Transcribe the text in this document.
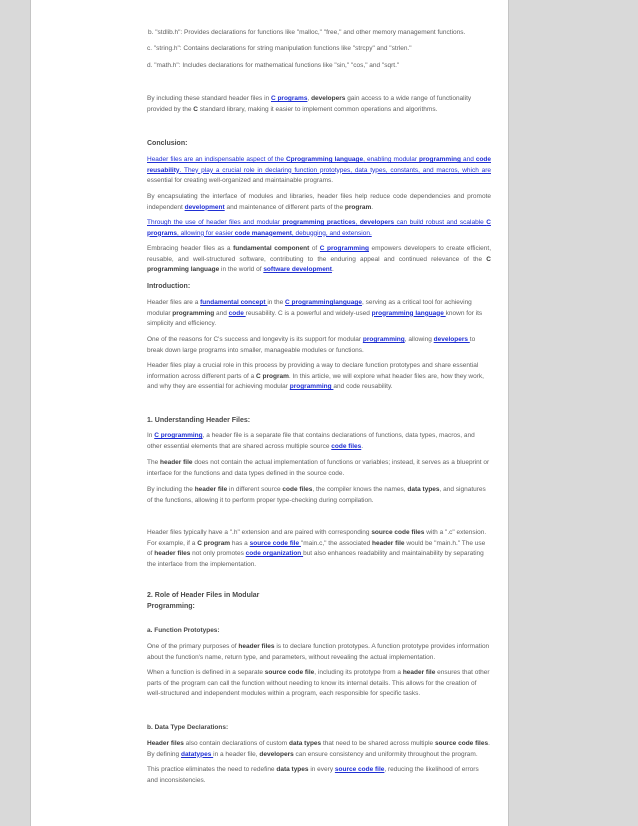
b. "stdlib.h": Provides declarations for functions like "malloc," "free," and other memory management functions.

c. "string.h": Contains declarations for string manipulation functions like "strcpy" and "strlen."

d. "math.h": Includes declarations for mathematical functions like "sin," "cos," and "sqrt."

By including these standard header files in C programs, developers gain access to a wide range of functionality provided by the C standard library, making it easier to implement common operations and algorithms.

Conclusion:

Header files are an indispensable aspect of the Cprogramming language, enabling modular programming and code reusability. They play a crucial role in declaring function prototypes, data types, constants, and macros, which are essential for creating well-organized and maintainable programs.

By encapsulating the interface of modules and libraries, header files help reduce code dependencies and promote independent development and maintenance of different parts of the program.

Through the use of header files and modular programming practices, developers can build robust and scalable C programs, allowing for easier code management, debugging, and extension.

Embracing header files as a fundamental component of C programming empowers developers to create efficient, reusable, and well-structured software, contributing to the enduring appeal and continued relevance of the C programming language in the world of software development.

Introduction:

Header files are a fundamental concept in the C programminglanguage, serving as a critical tool for achieving modular programming and code reusability. C is a powerful and widely-used programming language known for its simplicity and efficiency.

One of the reasons for C's success and longevity is its support for modular programming, allowing developers to break down large programs into smaller, manageable modules or functions.

Header files play a crucial role in this process by providing a way to declare function prototypes and share essential information across different parts of a C program. In this article, we will explore what header files are, how they work, and why they are essential for achieving modular programming and code reusability.

1. Understanding Header Files:

In C programming, a header file is a separate file that contains declarations of functions, data types, macros, and other essential elements that are shared across multiple source code files.

The header file does not contain the actual implementation of functions or variables; instead, it serves as a blueprint or interface for the functions and data types defined in the source code.

By including the header file in different source code files, the compiler knows the names, data types, and signatures of the functions, allowing it to perform proper type-checking during compilation.

Header files typically have a ".h" extension and are paired with corresponding source code files with a ".c" extension. For example, if a C program has a source code file "main.c," the associated header file would be "main.h." The use of header files not only promotes code organization but also enhances readability and maintainability by separating the interface from the implementation.

2. Role of Header Files in Modular
Programming:

a. Function Prototypes:

One of the primary purposes of header files is to declare function prototypes. A function prototype provides information about the function's name, return type, and parameters, without revealing the actual implementation.

When a function is defined in a separate source code file, including its prototype from a header file ensures that other parts of the program can call the function without needing to know its internal details. This allows for the creation of well-structured and independent modules within a program, each responsible for specific tasks.

b. Data Type Declarations:

Header files also contain declarations of custom data types that need to be shared across multiple source code files. By defining datatypes in a header file, developers can ensure consistency and uniformity throughout the program.

This practice eliminates the need to redefine data types in every source code file, reducing the likelihood of errors and inconsistencies.
